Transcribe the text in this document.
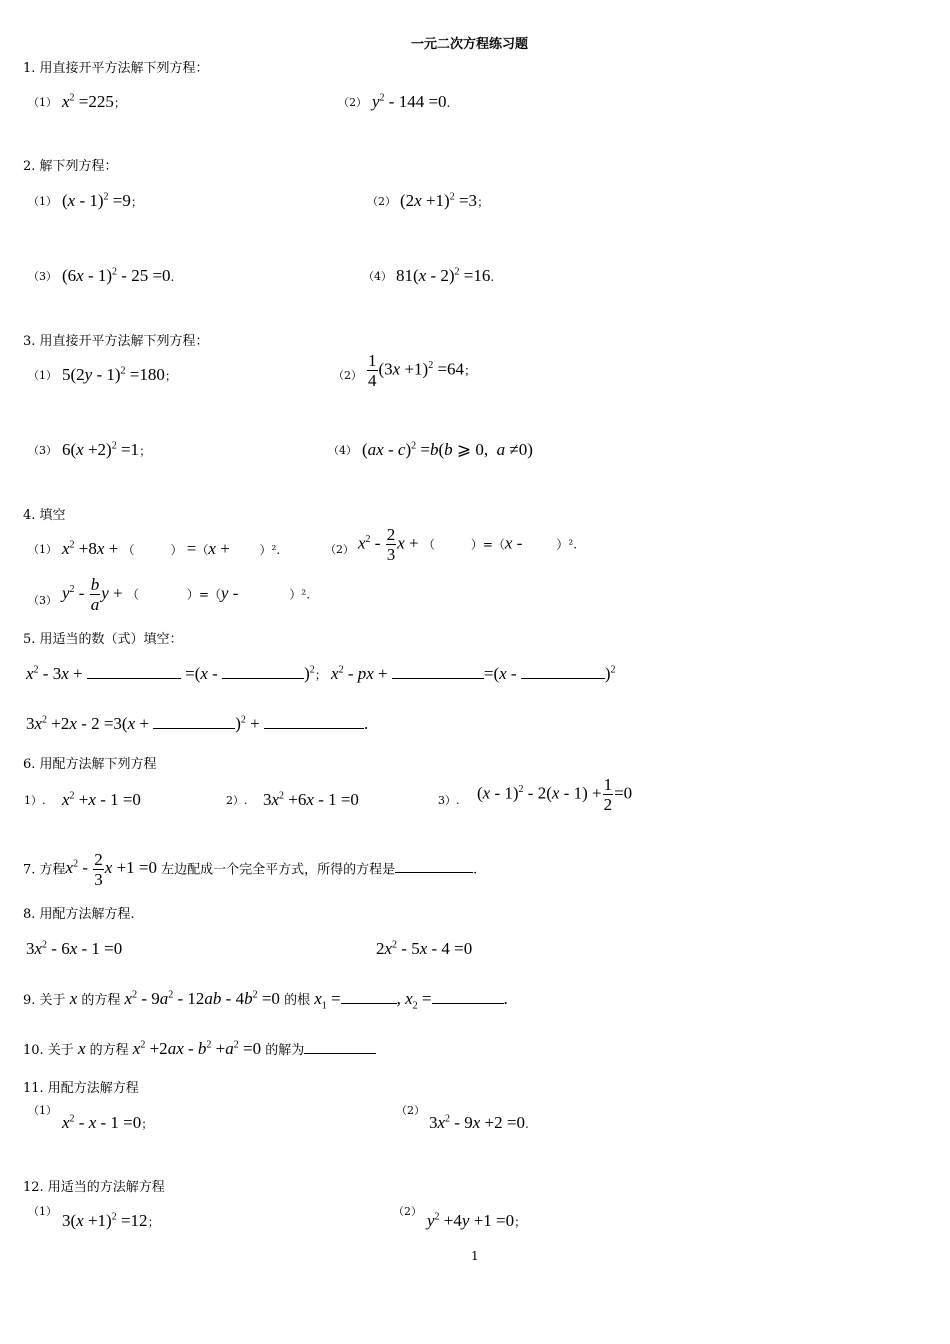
一元二次方程练习题
1. 用直接开平方法解下列方程：
（1） $x^2 =225$；	（2） $y^2 - 144 =0$.
2. 解下列方程：
（1） (x - 1)$^2$ =9；	（2） $(2x +1)^2 =3$；
（3） (6x - 1)$^2$ - 25 =0.	（4） 81(x - 2)$^2$ =16.
3. 用直接开平方法解下列方程：
（1） 5(2y - 1)$^2$ =180；	$(2) \frac{1}{4} (3x +1)^2 =64$；
（3） $6(x +2)^2 =1$；	（4） (ax - c)$^2$ =b(b ⩾ 0,  a ≠0)
4. 填空
（1） $x^2 +8x$ + （　　　） =（x +       ）².	（2） $x^2 - \frac{2}{3}$ x + （　　　）=（x -        ）².
（3） $y^2 - \frac{b}{a}$ y + （　　　　）=（y -            ）².
5. 用适当的数（式）填空：
$x^2 - 3x$ +	=(x -	)$^2$； $x^2$ - px +	=(x -	)$^2$
$3x^2 +2x - 2 =3(x$ +	)$^2$ +	.
6. 用配方法解下列方程
1）. $x^2 +x - 1 =0$	2）. $3x^2 +6x - 1 =0$	3）. $(x - 1)^2 - 2(x - 1) + \frac{1}{2} =0$
7. 方程$x^2 - \frac{2}{3}$ x +1 =0 左边配成一个完全平方式，所得的方程是	.
8. 用配方法解方程.
$3x^2 - 6x - 1 =0$	$2x^2 - 5x - 4 =0$
9. 关于 x 的方程 $x^2 - 9a^2 - 12ab - 4b^2 =0$ 的根 $x_1$ =	, $x_2$ =	.
10. 关于 x 的方程 $x^2 +2ax - b^2 +a^2 =0$ 的解为
11. 用配方法解方程
（1）
$x^2 - x - 1 =0$；
（2）
$3x^2 - 9x +2 =0$.
12. 用适当的方法解方程
（1） $3(x +1)^2 =12$；
（2） $y^2 +4y +1 =0$；
1
